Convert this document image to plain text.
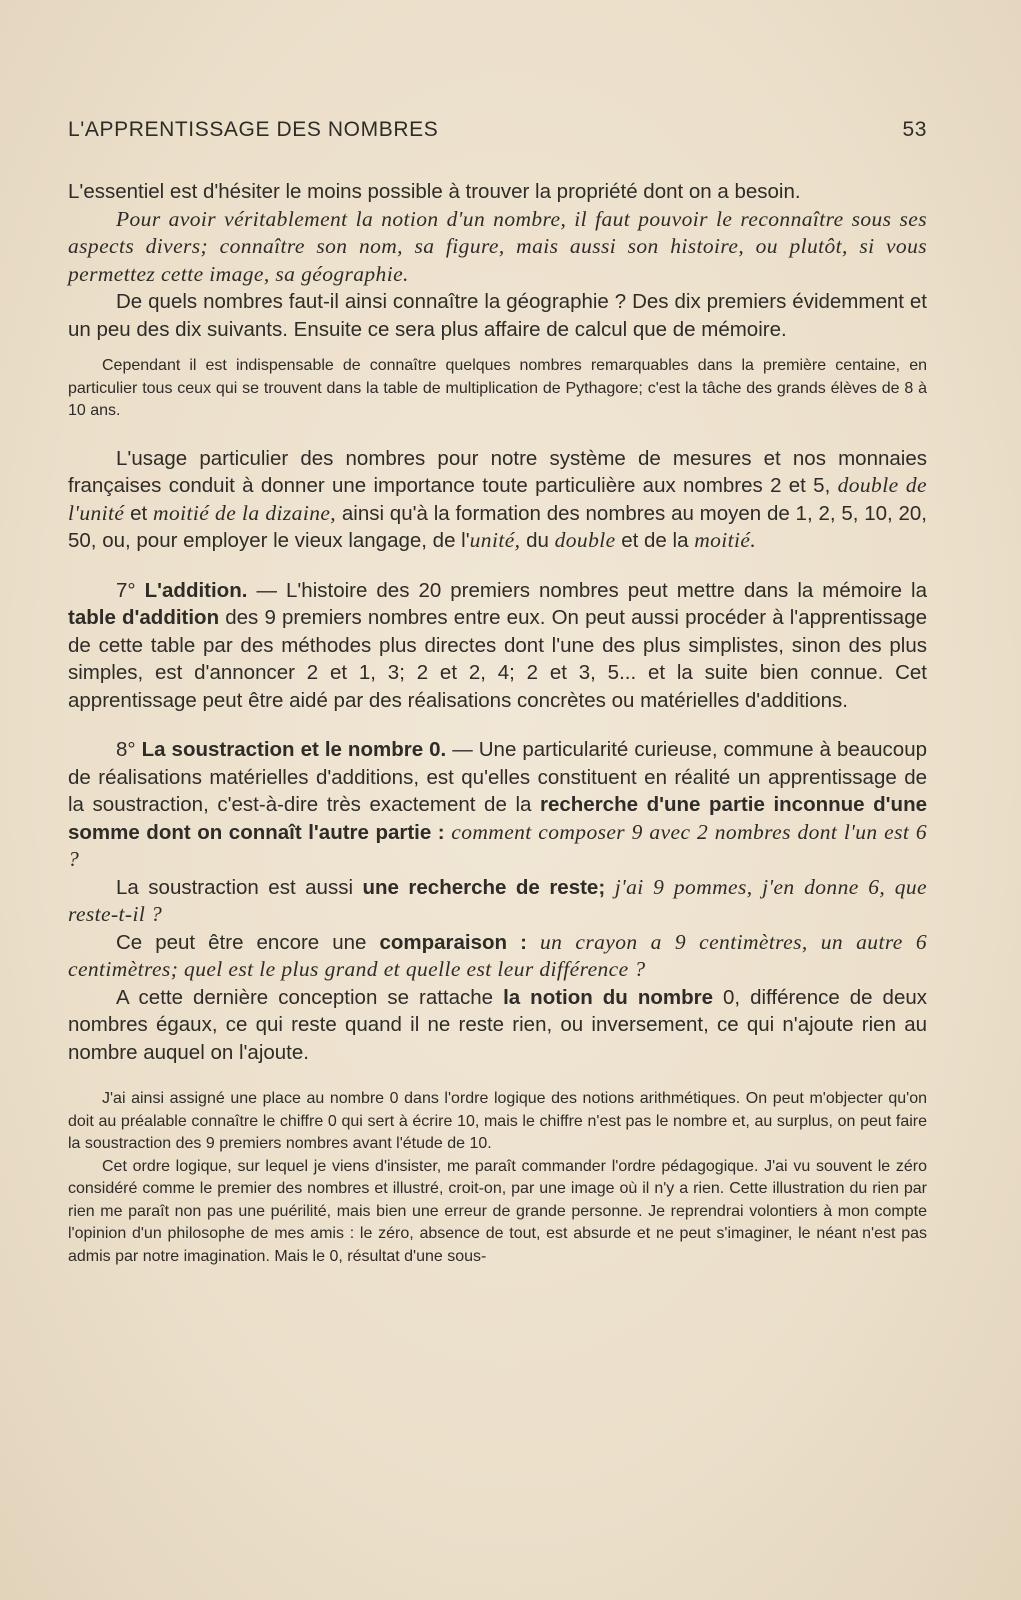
L'APPRENTISSAGE DES NOMBRES	53

L'essentiel est d'hésiter le moins possible à trouver la propriété dont on a besoin.

Pour avoir véritablement la notion d'un nombre, il faut pouvoir le reconnaître sous ses aspects divers; connaître son nom, sa figure, mais aussi son histoire, ou plutôt, si vous permettez cette image, sa géographie.

De quels nombres faut-il ainsi connaître la géographie ? Des dix premiers évidemment et un peu des dix suivants. Ensuite ce sera plus affaire de calcul que de mémoire.

Cependant il est indispensable de connaître quelques nombres remarquables dans la première centaine, en particulier tous ceux qui se trouvent dans la table de multiplication de Pythagore; c'est la tâche des grands élèves de 8 à 10 ans.

L'usage particulier des nombres pour notre système de mesures et nos monnaies françaises conduit à donner une importance toute particulière aux nombres 2 et 5, double de l'unité et moitié de la dizaine, ainsi qu'à la formation des nombres au moyen de 1, 2, 5, 10, 20, 50, ou, pour employer le vieux langage, de l'unité, du double et de la moitié.

7° L'addition. — L'histoire des 20 premiers nombres peut mettre dans la mémoire la table d'addition des 9 premiers nombres entre eux. On peut aussi procéder à l'apprentissage de cette table par des méthodes plus directes dont l'une des plus simplistes, sinon des plus simples, est d'annoncer 2 et 1, 3; 2 et 2, 4; 2 et 3, 5... et la suite bien connue. Cet apprentissage peut être aidé par des réalisations concrètes ou matérielles d'additions.

8° La soustraction et le nombre 0. — Une particularité curieuse, commune à beaucoup de réalisations matérielles d'additions, est qu'elles constituent en réalité un apprentissage de la soustraction, c'est-à-dire très exactement de la recherche d'une partie inconnue d'une somme dont on connaît l'autre partie : comment composer 9 avec 2 nombres dont l'un est 6 ?

La soustraction est aussi une recherche de reste; j'ai 9 pommes, j'en donne 6, que reste-t-il ?

Ce peut être encore une comparaison : un crayon a 9 centimètres, un autre 6 centimètres; quel est le plus grand et quelle est leur différence ?

A cette dernière conception se rattache la notion du nombre 0, différence de deux nombres égaux, ce qui reste quand il ne reste rien, ou inversement, ce qui n'ajoute rien au nombre auquel on l'ajoute.

J'ai ainsi assigné une place au nombre 0 dans l'ordre logique des notions arithmétiques. On peut m'objecter qu'on doit au préalable connaître le chiffre 0 qui sert à écrire 10, mais le chiffre n'est pas le nombre et, au surplus, on peut faire la soustraction des 9 premiers nombres avant l'étude de 10.

Cet ordre logique, sur lequel je viens d'insister, me paraît commander l'ordre pédagogique. J'ai vu souvent le zéro considéré comme le premier des nombres et illustré, croit-on, par une image où il n'y a rien. Cette illustration du rien par rien me paraît non pas une puérilité, mais bien une erreur de grande personne. Je reprendrai volontiers à mon compte l'opinion d'un philosophe de mes amis : le zéro, absence de tout, est absurde et ne peut s'imaginer, le néant n'est pas admis par notre imagination. Mais le 0, résultat d'une sous-
